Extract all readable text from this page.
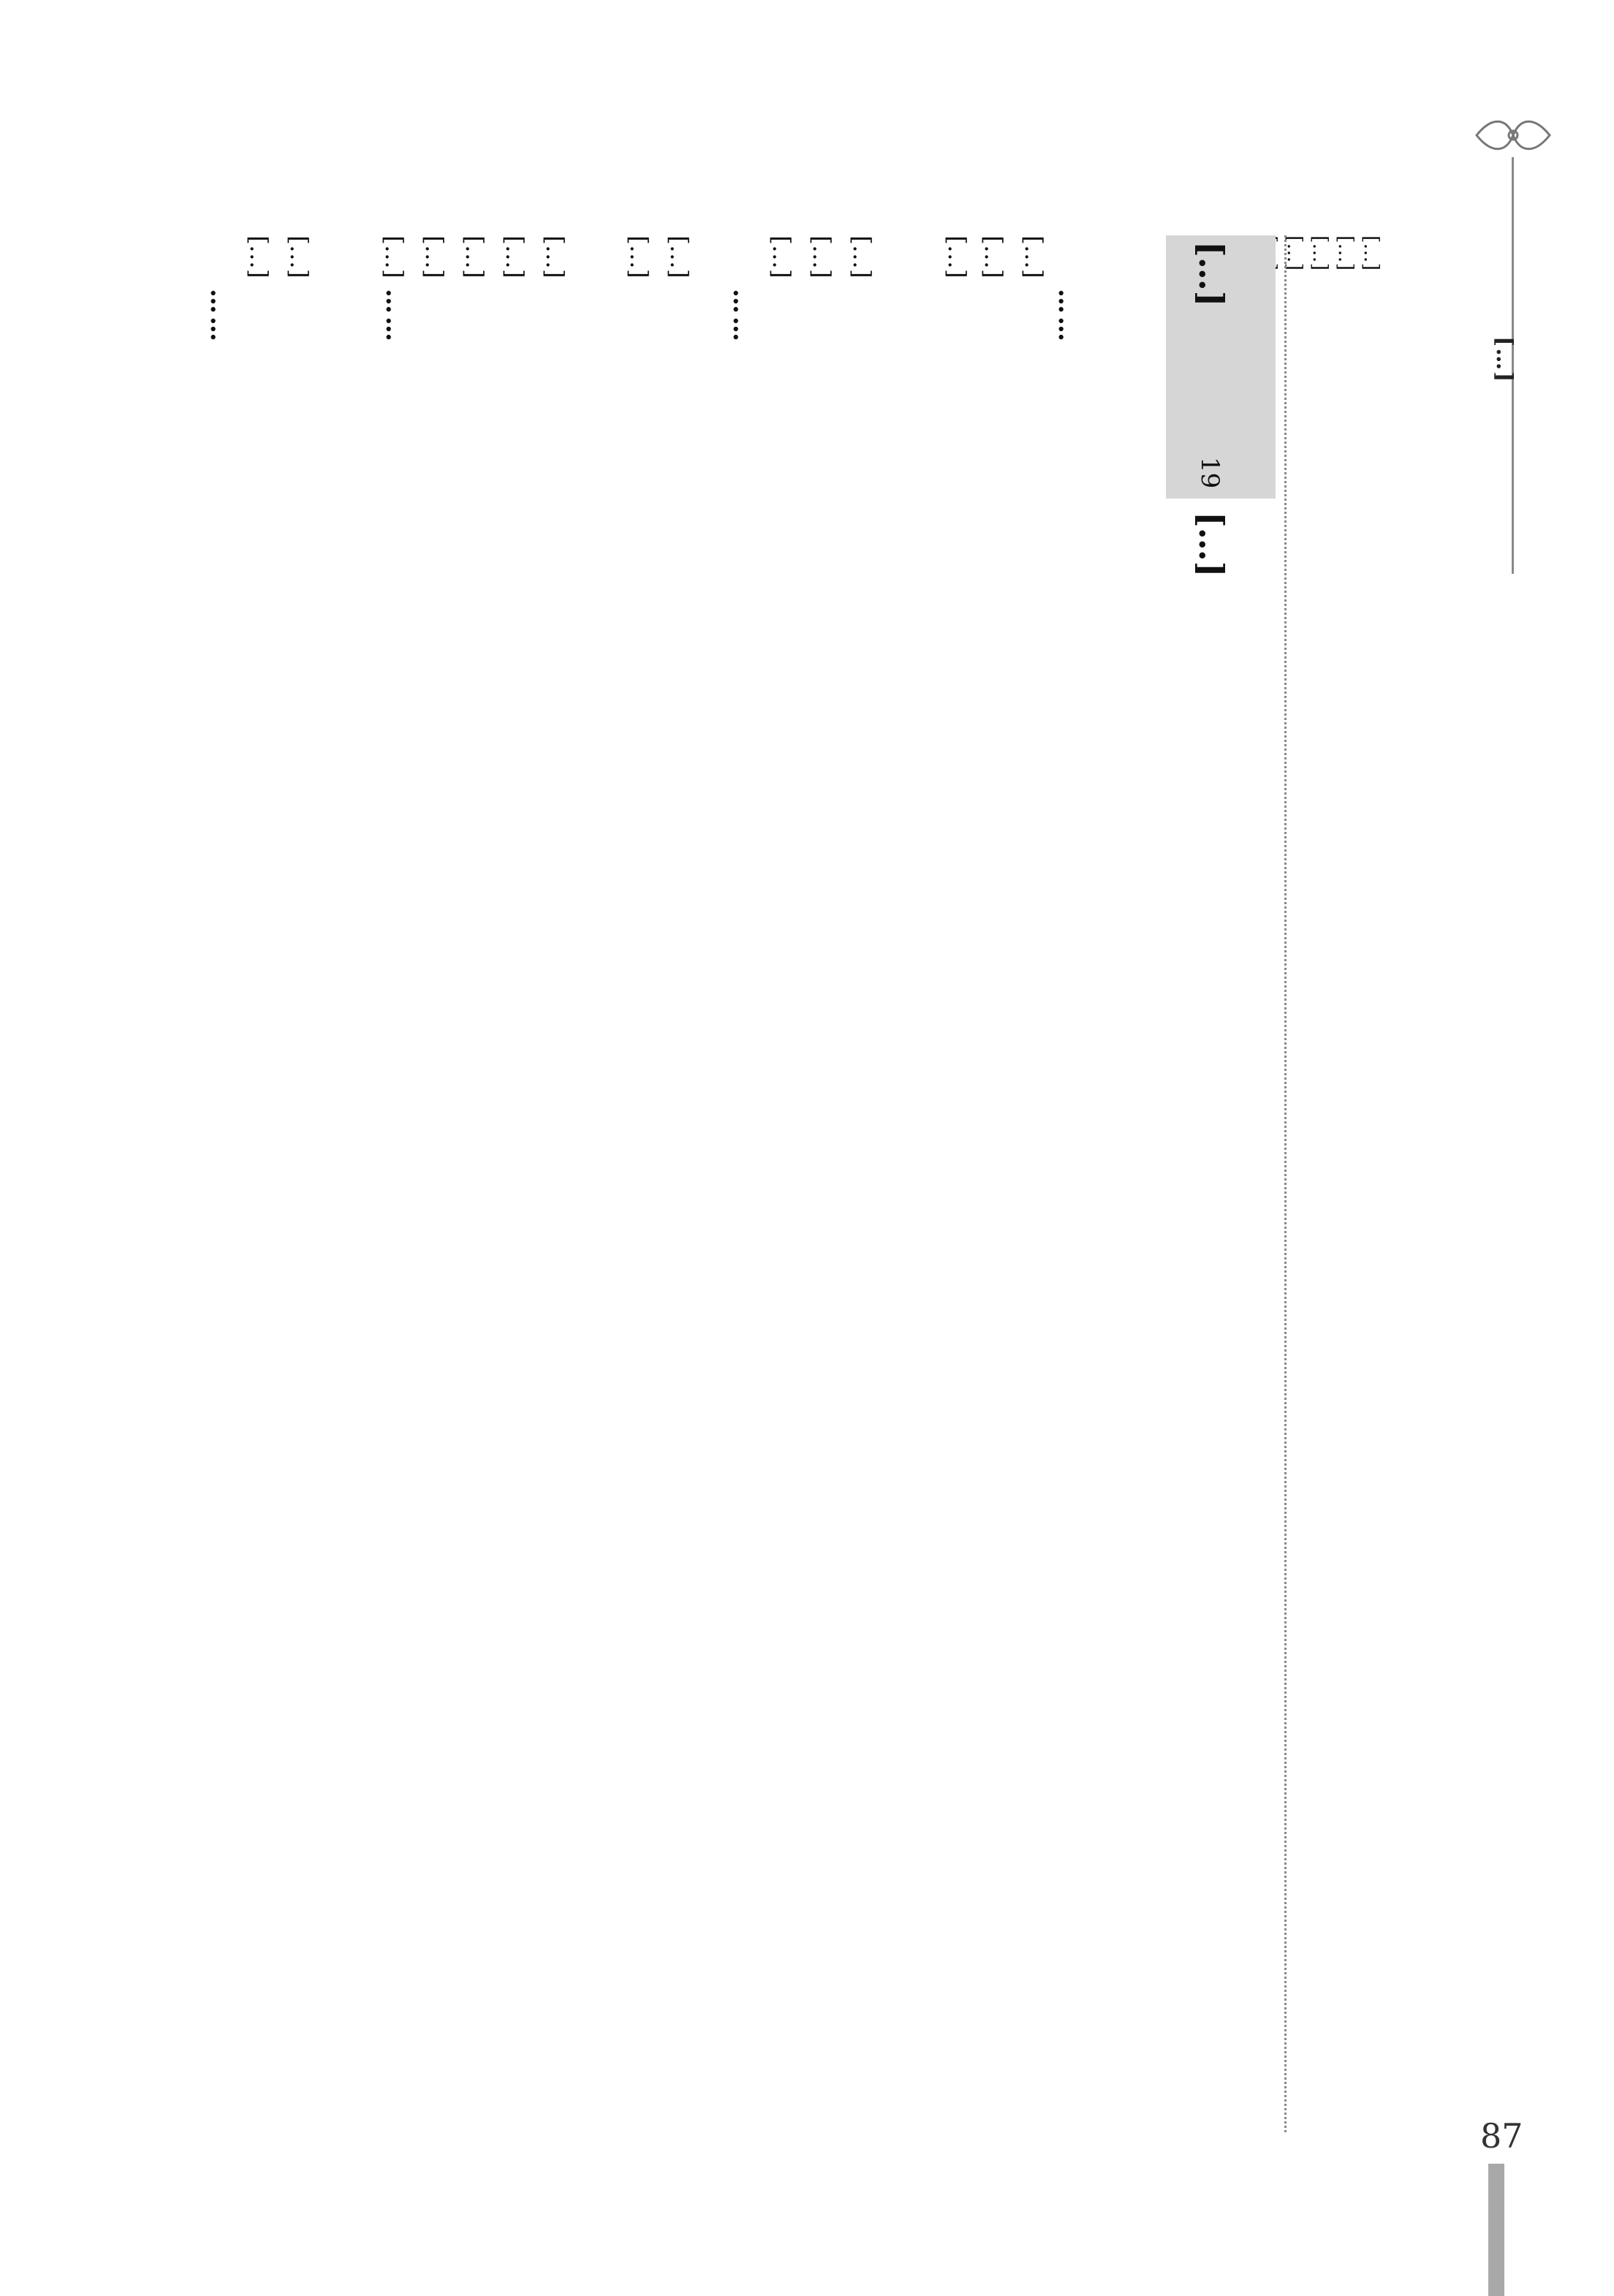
[…]
[…]
[…]
[…]
[…]
[…]
19
[…]
[…]
[…]
[…]
[…]
[…]
[…]
[…]
[…]
[…]
[…]
[…]
[…]
[…]
[…]
[…]
……
……
……
……
87
